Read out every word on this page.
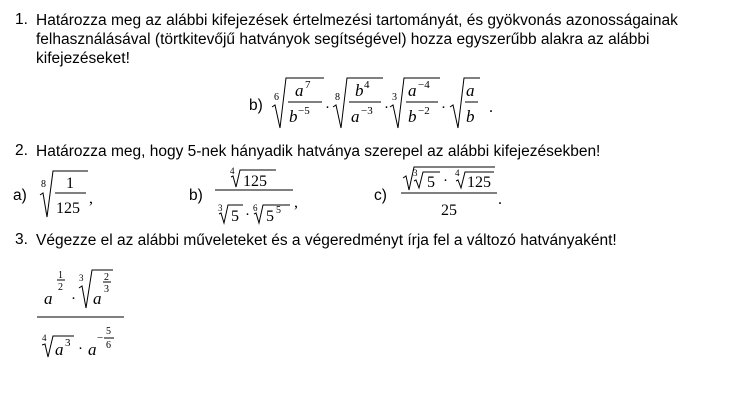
1. Határozza meg az alábbi kifejezések értelmezési tartományát, és gyökvonás azonosságainak
felhasználásával (törtkitevőjű hatványok segítségével) hozza egyszerűbb alakra az alábbi
kifejezéseket!
2. Határozza meg, hogy 5-nek hányadik hatványa szerepel az alábbi kifejezésekben!
3. Végezze el az alábbi műveleteket és a végeredményt írja fel a változó hatványaként!
b) 6 a 7
b −5 ·
8 b 4
a −3 ·
3 a −4
b −2 ·
a
b .
a)
8 1
125
,	b)
4
125
3 5 · 6 5 5 ,	c)
3
5 · 4
125
25
.
a
1
2
·
3
a
2
3
4
a 3 · a
−
5
6
